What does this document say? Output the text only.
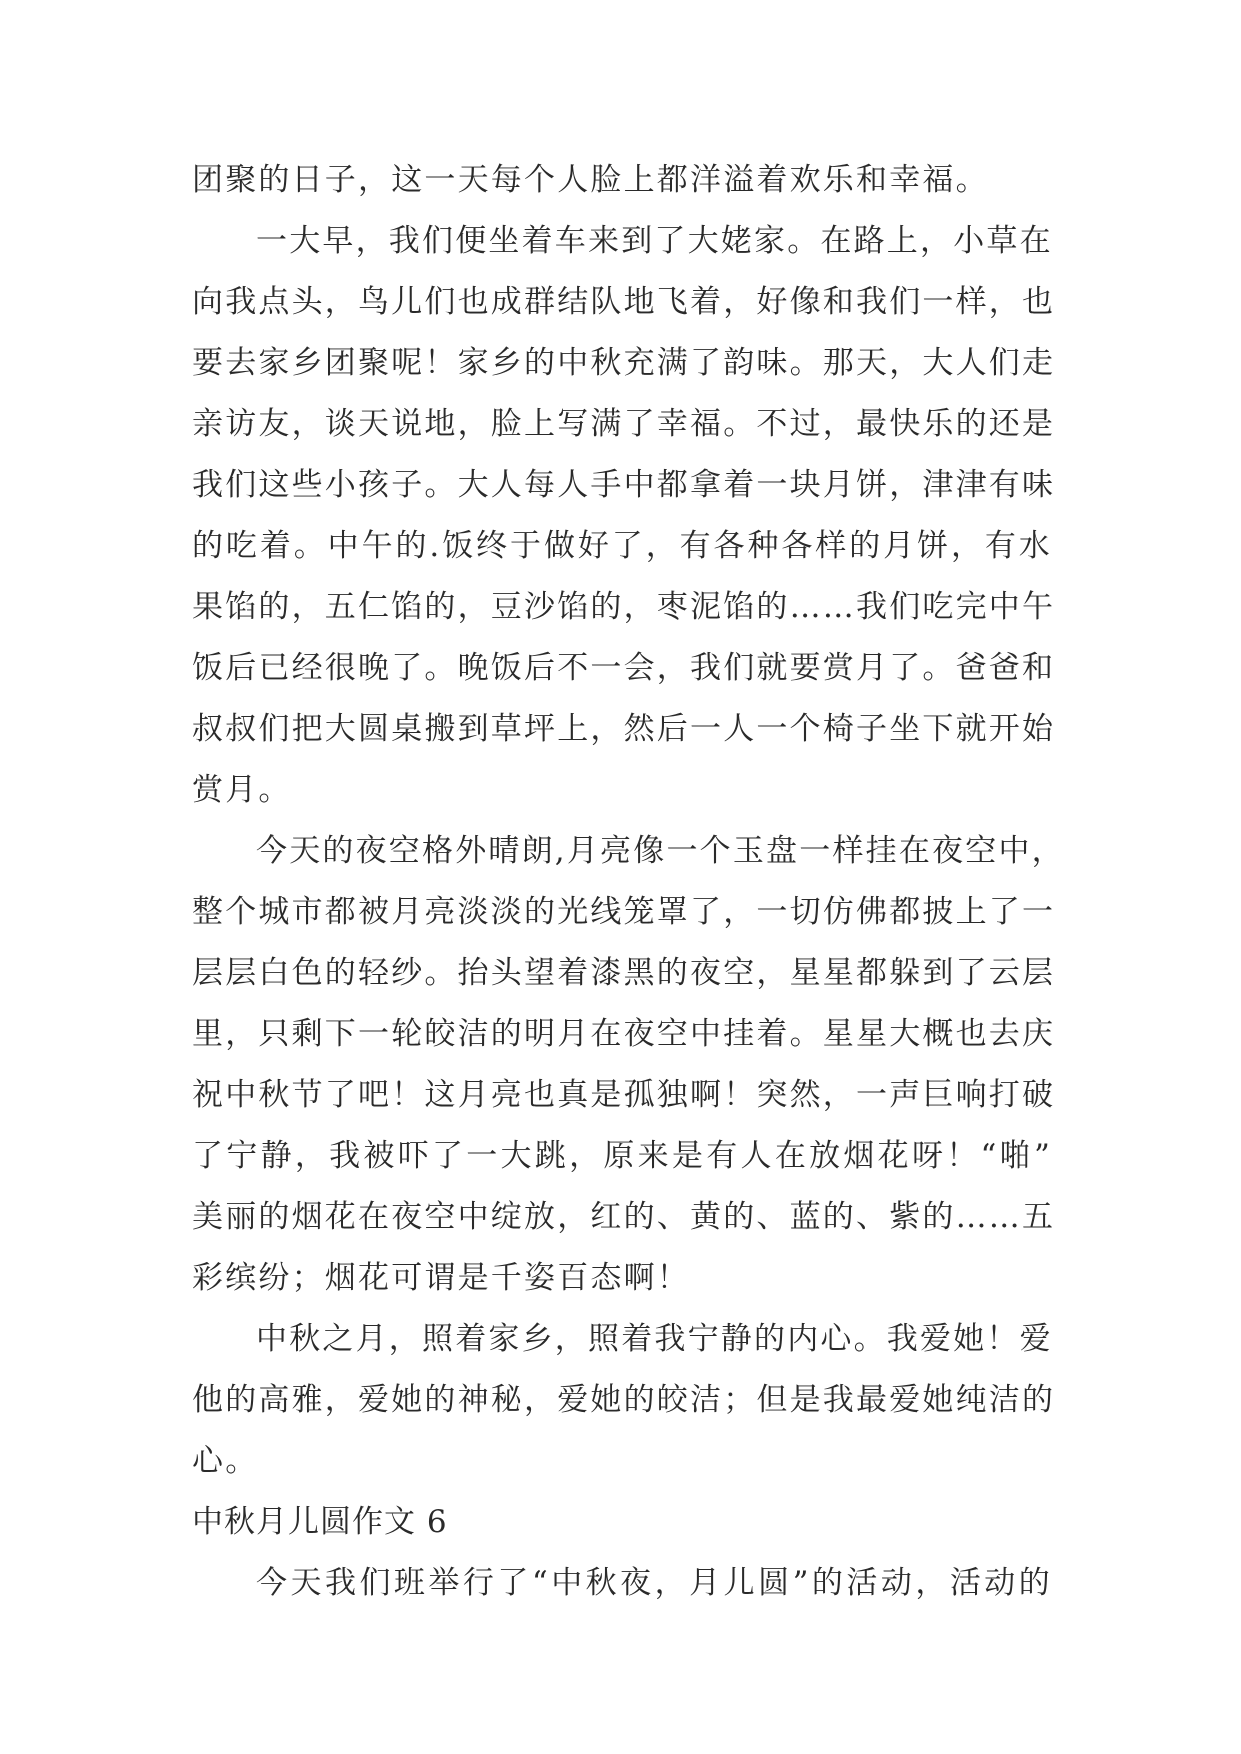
团聚的日子，这一天每个人脸上都洋溢着欢乐和幸福。
一大早，我们便坐着车来到了大姥家。在路上，小草在
向我点头，鸟儿们也成群结队地飞着，好像和我们一样，也
要去家乡团聚呢！家乡的中秋充满了韵味。那天，大人们走
亲访友，谈天说地，脸上写满了幸福。不过，最快乐的还是
我们这些小孩子。大人每人手中都拿着一块月饼，津津有味
的吃着。中午的.饭终于做好了，有各种各样的月饼，有水
果馅的，五仁馅的，豆沙馅的，枣泥馅的……我们吃完中午
饭后已经很晚了。晚饭后不一会，我们就要赏月了。爸爸和
叔叔们把大圆桌搬到草坪上，然后一人一个椅子坐下就开始
赏月。
今天的夜空格外晴朗,月亮像一个玉盘一样挂在夜空中，
整个城市都被月亮淡淡的光线笼罩了，一切仿佛都披上了一
层层白色的轻纱。抬头望着漆黑的夜空，星星都躲到了云层
里，只剩下一轮皎洁的明月在夜空中挂着。星星大概也去庆
祝中秋节了吧！这月亮也真是孤独啊！突然，一声巨响打破
了宁静，我被吓了一大跳，原来是有人在放烟花呀！“啪”
美丽的烟花在夜空中绽放，红的、黄的、蓝的、紫的……五
彩缤纷；烟花可谓是千姿百态啊！
中秋之月，照着家乡，照着我宁静的内心。我爱她！爱
他的高雅，爱她的神秘，爱她的皎洁；但是我最爱她纯洁的
心。
中秋月儿圆作文 6
今天我们班举行了“中秋夜，月儿圆”的活动，活动的
